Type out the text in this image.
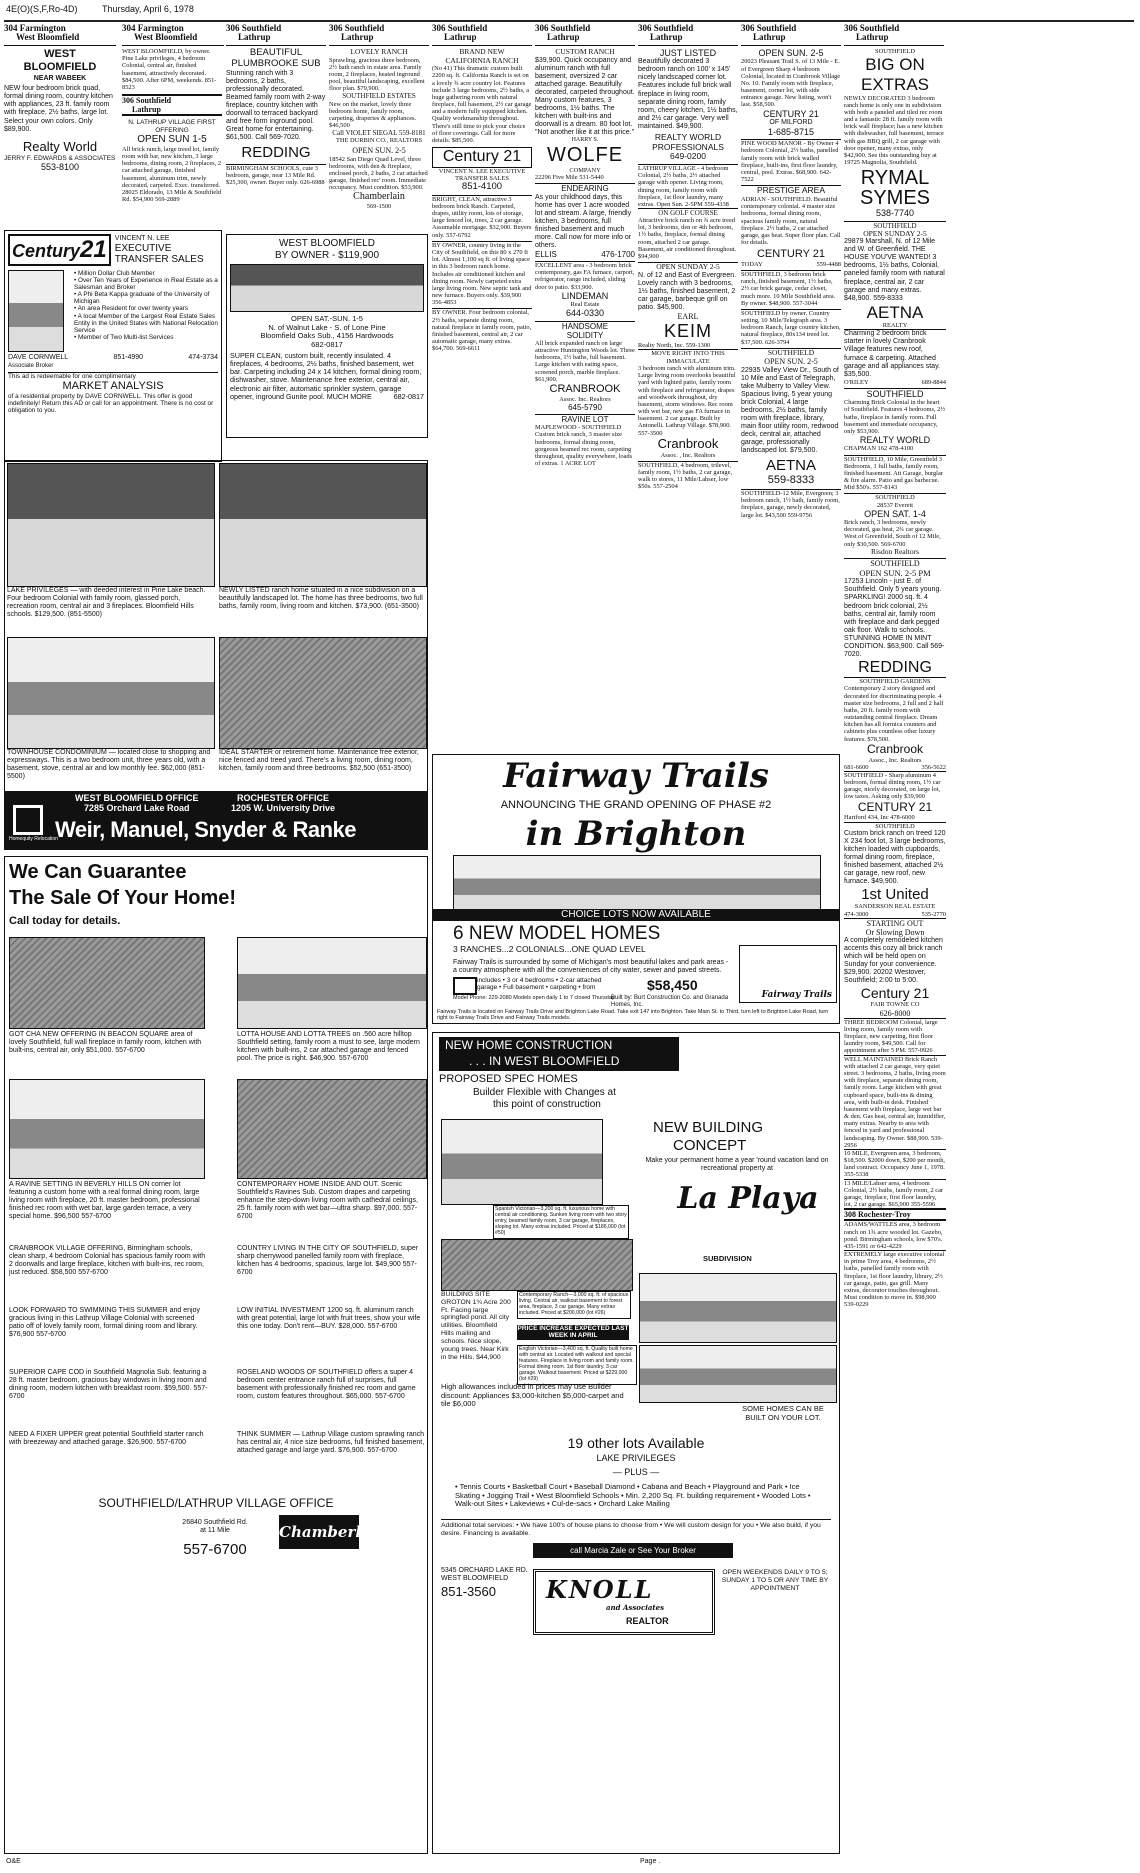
4E(O)(S,F,Ro-4D)	Thursday, April 6, 1978
304 Farmington
West Bloomfield
304 Farmington
West Bloomfield
306 Southfield
Lathrup
306 Southfield
Lathrup
306 Southfield
Lathrup
306 Southfield
Lathrup
306 Southfield
Lathrup
306 Southfield
Lathrup
306 Southfield
Lathrup
WEST
BLOOMFIELD
NEAR WABEEK
NEW four bedroom brick quad, formal dining room, country kitchen with appliances, 23 ft. family room with fireplace, 2½ baths, large lot. Select your own colors. Only $89,900.
Realty World
JERRY F. EDWARDS & ASSOCIATES
553-8100
WEST BLOOMFIELD, by owner. Pine Lake privileges, 4 bedroom Colonial, central air, finished basement, attractively decorated. $84,500. After 6PM, weekends. 851-8523
306 Southfield
Lathrup
N. LATHRUP VILLAGE FIRST OFFERING
OPEN SUN 1-5
All brick ranch, large treed lot, family room with bar, new kitchen, 3 large bedrooms, dining room, 2 fireplaces, 2 car attached garage, finished basement, aluminum trim, newly decorated, carpeted. Exec. transferred. 28025 Eldorado, 13 Mile & Southfield Rd. $54,900 569-2889
BEAUTIFUL
PLUMBROOKE SUB
Stunning ranch with 3 bedrooms, 2 baths, professionally decorated. Beamed family room with 2-way fireplace, country kitchen with doorwall to terraced backyard and free form inground pool. Great home for entertaining. $61,500. Call 569-7020.
REDDING
BIRMINGHAM SCHOOLS, cute 3 bedroom, garage, near 13 Mile Rd. $25,300, owner. Buyer only. 626-6988
LOVELY RANCH
Sprawling, gracious three bedroom, 2½ bath ranch in estate area. Family room, 2 fireplaces, heated inground pool, beautiful landscaping, excellent floor plan. $79,900.
SOUTHFIELD ESTATES
New on the market, lovely three bedroom home, family room, carpeting, draperies & appliances. $46,500
Call VIOLET SIEGAL 559-8181
THE DURBIN CO., REALTORS
OPEN SUN. 2-5
18542 San Diego Quad Level, three bedrooms, with den & fireplace, enclosed porch, 2 baths, 2 car attached garage, finished rec' room. Immediate occupancy. Must condition. $53,900.
Chamberlain
569-1500
BRAND NEW
CALIFORNIA RANCH
(No 41) This dramatic custom built 2200 sq. ft. California Ranch is set on a lovely ¾ acre country lot. Features include 3 large bedrooms, 2½ baths, a huge gathering room with natural fireplace, full basement, 2½ car garage and a modern fully equipped kitchen. Quality workmanship throughout. There's still time to pick your choice of floor coverings. Call for more details. $85,500.
Century 21
VINCENT N. LEE EXECUTIVE TRANSFER SALES
851-4100
BRIGHT, CLEAN, attractive 3 bedroom brick Ranch. Carpeted, drapes, utility room, lots of storage, large fenced lot, trees, 2 car garage. Assumable mortgage. $32,900. Buyers only. 557-6792
BY OWNER, country living in the City of Southfield, on this 80 x 270 ft lot. Almost 1,100 sq ft. of living space in this 3 bedroom ranch home. Includes air conditioned kitchen and dining room. Newly carpeted extra large living room. New septic tank and new furnace. Buyers only. $39,900 356-4853
BY OWNER. Four bedroom colonial, 2½ baths, separate dining room, natural fireplace in family room, patio, finished basement, central air, 2 car automatic garage, many extras. $64,700. 569-6611
CUSTOM RANCH
$39,900. Quick occupancy and aluminum ranch with full basement, oversized 2 car attached garage. Beautifully decorated, carpeted throughout. Many custom features, 3 bedrooms, 1½ baths. The kitchen with built-ins and doorwall is a dream. 80 foot lot. "Not another like it at this price."
HARRY S.
WOLFE
COMPANY
22296 Five Mile 531-5440
ENDEARING
As your childhood days, this home has over 1 acre wooded lot and stream. A large, friendly kitchen, 3 bedrooms, full finished basement and much more. Call now for more info or others.
ELLIS	476-1700
EXCELLENT area - 3 bedroom brick contemporary, gas FA furnace, carport, refrigerator, range included, sliding door to patio. $33,900.
LINDEMAN
Real Estate
644-0330
HANDSOME
SOLIDITY
All brick expanded ranch on large attractive Huntington Woods lot. Three bedrooms, 1½ baths, full basement. Large kitchen with eating space, screened porch, marble fireplace. $61,900.
CRANBROOK
Assoc. Inc. Realtors
645-5790
RAVINE LOT
MAPLEWOOD - SOUTHFIELD Custom brick ranch, 3 master size bedrooms, formal dining room, gorgeous beamed rec room, carpeting throughout, quality everywhere, loads of extras. 1 ACRE LOT
JUST LISTED
Beautifully decorated 3 bedroom ranch on 100' x 145' nicely landscaped corner lot. Features include full brick wall fireplace in living room, separate dining room, family room, cheery kitchen, 1½ baths, and 2½ car garage. Very well maintained. $49,900.
REALTY WORLD
PROFESSIONALS
649-0200
LATHRUP VILLAGE - 4 bedroom Colonial, 2½ baths, 2½ attached garage with opener. Living room, dining room, family room with fireplace, 1st floor laundry, many extras. Open Sun. 2-5PM 559-4338
ON GOLF COURSE
Attractive brick ranch on ¾ acre treed lot, 3 bedrooms, den or 4th bedroom, 1½ baths, fireplace, formal dining room, attached 2 car garage. Basement, air conditioned throughout. $94,900
OPEN SUNDAY 2-5
N. of 12 and East of Evergreen. Lovely ranch with 3 bedrooms, 1½ baths, finished basement, 2 car garage, barbeque grill on patio. $45,900.
EARL
KEIM
Realty North, Inc. 559-1300
MOVE RIGHT INTO THIS IMMACULATE
3 bedroom ranch with aluminum trim. Large living room overlooks beautiful yard with lighted patio, family room with fireplace and refrigerator, drapes and woodwork throughout, dry basement, storm windows. Rec room with wet bar, new gas FA furnace in basement. 2 car garage. Built by Antonelli. Lathrup Village. $78,900. 557-3500
Cranbrook
Assoc. , Inc. Realtors
SOUTHFIELD, 4 bedroom, trilevel, family room, 1½ baths, 2 car garage, walk to stores, 11 Mile/Lahser, low $50s. 557-2504
OPEN SUN. 2-5
20023 Pleasant Trail S. of 13 Mile - E. of Evergreen Sharp 4 bedroom Colonial, located in Cranbrook Village No. 10. Family room with fireplace, basement, corner lot, with side entrance garage. New listing, won't last. $58,500.
CENTURY 21
OF MILFORD
1-685-8715
PINE WOOD MANOR - By Owner 4 bedroom Colonial, 2½ baths, panelled family room with brick walled fireplace, built-ins, first floor laundry, central, pool. Extras. $68,900. 642-7522
PRESTIGE AREA
ADRIAN - SOUTHFIELD. Beautiful contemporary colonial. 4 master size bedrooms, formal dining room, spacious family room, natural fireplace. 2½ baths, 2 car attached garage, gas heat. Super floor plan. Call for details.
CENTURY 21
TODAY	559-4488
SOUTHFIELD, 3 bedroom brick ranch, finished basement, 1½ baths, 2½ car brick garage, cedar closet, much more. 10 Mile Southfield area. By owner. $48,900. 557-3044
SOUTHFIELD by owner. Country setting, 10 Mile/Telegraph area. 3 bedroom Ranch, large country kitchen, natural fireplace, 80x134 treed lot. $37,500. 626-3794
SOUTHFIELD
OPEN SUN. 2-5
22935 Valley View Dr., South of 10 Mile and East of Telegraph, take Mulberry to Valley View. Spacious living, 5 year young brick Colonial, 4 large bedrooms, 2½ baths, family room with fireplace, library, main floor utility room, redwood deck, central air, attached garage, professionally landscaped lot. $79,500.
AETNA
559-8333
SOUTHFIELD-12 Mile, Evergreen; 3 bedroom ranch, 1½ bath, family room, fireplace, garage, newly decorated, large lot. $43,500 559-9756
SOUTHFIELD
BIG ON
EXTRAS
NEWLY DECORATED 3 bedroom ranch home is only one in subdivision with both a paneled and tiled rec room and a fantastic 28 ft. family room with brick wall fireplace; has a new kitchen with dishwasher, full basement, terrace with gas BBQ grill, 2 car garage with door opener, many extras, only $42,900. See this outstanding buy at 19725 Magnolia, Southfield.
RYMAL
SYMES
538-7740
SOUTHFIELD
OPEN SUNDAY 2-5
29879 Marshall, N. of 12 Mile and W. of Greenfield. THE HOUSE YOU'VE WANTED! 3 bedrooms, 1½ baths, Colonial, paneled family room with natural fireplace, central air, 2 car garage and many extras. $48,900. 559-8333
AETNA
REALTY
Charming 2 bedroom brick starter in lovely Cranbrook Village features new roof, furnace & carpeting. Attached garage and all appliances stay. $35,500.
O'RILEY	689-8844
SOUTHFIELD
Charming Brick Colonial in the heart of Southfield. Features 4 bedrooms, 2½ baths, fireplace in family room. Full basement and immediate occupancy, only $53,900.
REALTY WORLD
CHAPMAN 162 478-4100
SOUTHFIELD, 10 Mile, Greenfield 3 Bedrooms, 1 full baths, family room, finished basement. Att Garage, burglar & fire alarm. Patio and gas barbecue. Mid $50's. 557-8143
SOUTHFIELD
28537 Everett
OPEN SAT. 1-4
Brick ranch, 3 bedrooms, newly decorated, gas heat, 2¾ car garage. West of Greenfield, South of 12 Mile, only $30,500. 569-6700
Risdon Realtors
SOUTHFIELD
OPEN SUN. 2-5 PM
17253 Lincoln - just E. of Southfield. Only 5 years young. SPARKLING! 2000 sq. ft. 4 bedroom brick colonial, 2½ baths, central air, family room with fireplace and dark pegged oak floor. Walk to schools. STUNNING HOME IN MINT CONDITION. $63,900. Call 569-7020.
REDDING
SOUTHFIELD GARDENS
Contemporary 2 story designed and decorated for discriminating people. 4 master size bedrooms, 2 full and 2 half baths, 20 ft. family room with outstanding central fireplace. Dream kitchen has all formica counters and cabinets plus countless other luxury features. $78,500.
Cranbrook
Assoc., Inc. Realtors
681-6600	356-5622
SOUTHFIELD - Sharp aluminum 4 bedroom, formal dining room, 1½ car garage, nicely decorated, on large lot, low taxes. Asking only $39,900
CENTURY 21
Hartford 434, Inc 478-6000
SOUTHFIELD
Custom brick ranch on treed 120 X 234 foot lot, 3 large bedrooms, kitchen loaded with cupboards, formal dining room, fireplace, finished basement, attached 2½ car garage, new roof, new furnace. $49,900.
1st United
SANDERSON REAL ESTATE
474-3000	535-2770
STARTING OUT
Or Slowing Down
A completely remodeled kitchen accents this cozy all brick ranch which will be held open on Sunday for your convenience. $29,900. 20202 Westover, Southfield; 2:00 to 5:00.
Century 21
FAIR TOWNE CO
626-8000
THREE BEDROOM Colonial, large living room, family room with fireplace, new carpeting, first floor laundry room, $49,500. Call for appointment after 5 PM. 557-0926
WELL MAINTAINED Brick Ranch with attached 2 car garage, very quiet street. 3 bedrooms, 2 baths, living room with fireplace, separate dining room, family room. Large kitchen with great cupboard space, built-ins & dining area, with built-in desk. Finished basement with fireplace, large wet bar & den. Gas heat, central air, humidifier, many extras. Nearby to area with fenced in yard and professional landscaping. By Owner. $88,900. 539-2956
10 MILE, Evergreen area, 3 bedroom, $18,500. $2000 down, $200 per month, land contract. Occupancy June 1, 1978. 355-5338
13 MILE/Lahser area, 4 bedroom Colonial, 2½ baths, family room, 2 car garage, fireplace, first floor laundry, lot, 2 car garage. $65,900 355-5596
308 Rochester-Troy
ADAMS/WATTLES area, 3 bedroom ranch on 1¾ acre wooded lot. Gazebo, pond. Birmingham schools, low $70's. 435-1591 or 642-4229
EXTREMELY large executive colonial in prime Troy area, 4 bedrooms, 2½ baths, panelled family room with fireplace, 1st floor laundry, library, 2½ car garage, patio, gas grill. Many extras, decorator touches throughout. Must condition to move in. $98,900 539-0229
Century21	VINCENT N. LEE
EXECUTIVE
TRANSFER SALES
• Million Dollar Club Member
• Over Ten Years of Experience in Real Estate as a Salesman and Broker
• A Phi Beta Kappa graduate of the University of Michigan
• An area Resident for over twenty years
• A local Member of the Largest Real Estate Sales Entity in the United States with National Relocation Service
• Member of Two Multi-list Services
DAVE CORNWELL
Associate Broker
851-4990	474-3734
This ad is redeemable for one complimentary
MARKET ANALYSIS
of a residential property by DAVE CORNWELL. This offer is good indefinitely! Return this AD or call for an appointment. There is no cost or obligation to you.
WEST BLOOMFIELD
BY OWNER - $119,900
OPEN SAT.-SUN. 1-5
N. of Walnut Lake - S. of Lone Pine
Bloomfield Oaks Sub., 4156 Hardwoods
682-0817
SUPER CLEAN, custom built, recently insulated. 4 fireplaces, 4 bedrooms, 2½ baths, finished basement, wet bar. Carpeting including 24 x 14 kitchen, formal dining room, dishwasher, stove. Maintenance free exterior, central air, electronic air filter, automatic sprinkler system, garage opener, inground Gunite pool. MUCH MORE	682-0817
LAKE PRIVILEGES — with deeded interest in Pine Lake beach. Four bedroom Colonial with family room, glassed porch, recreation room, central air and 3 fireplaces. Bloomfield Hills schools. $129,500. (851-5500)
NEWLY LISTED ranch home situated in a nice subdivision on a beautifully landscaped lot. The home has three bedrooms, two full baths, family room, living room and kitchen. $73,900. (651-3500)
TOWNHOUSE CONDOMINIUM — located close to shopping and expressways. This is a two bedroom unit, three years old, with a basement, stove, central air and low monthly fee. $62,000 (851-5500)
IDEAL STARTER or retirement home. Maintenance free exterior, nice fenced and treed yard. There's a living room, dining room, kitchen, family room and three bedrooms. $52,500 (651-3500)
WEST BLOOMFIELD OFFICE
7285 Orchard Lake Road
ROCHESTER OFFICE
1205 W. University Drive
Homequity Relocation
Weir, Manuel, Snyder & Ranke
We Can Guarantee
The Sale Of Your Home!
Call today for details.
GOT CHA NEW OFFERING IN BEACON SQUARE area of lovely Southfield, full wall fireplace in family room, kitchen with built-ins, central air, only $51,000. 557-6700
LOTTA HOUSE AND LOTTA TREES on .560 acre hilltop Southfield setting, family room a must to see, large modern kitchen with built-ins, 2 car attached garage and fenced pool. The price is right. $46,900. 557-6700
A RAVINE SETTING IN BEVERLY HILLS ON corner lot featuring a custom home with a real formal dining room, large living room with fireplace, 20 ft. master bedroom, professional finished rec room with wet bar, large garden terrace, a very special home. $96,500 557-6700
CONTEMPORARY HOME INSIDE AND OUT. Scenic Southfield's Ravines Sub. Custom drapes and carpeting enhance the step-down living room with cathedral ceilings, 25 ft. family room with wet bar—ultra sharp. $97,000. 557-6700
CRANBROOK VILLAGE OFFERING, Birmingham schools, clean sharp, 4 bedroom Colonial has spacious family room with 2 doorwalls and large fireplace, kitchen with built-ins, rec room, just reduced. $58,500 557-6700
COUNTRY LIVING IN THE CITY OF SOUTHFIELD, super sharp cherrywood panelled family room with fireplace, kitchen has 4 bedrooms, spacious, large lot. $49,900 557-6700
LOOK FORWARD TO SWIMMING THIS SUMMER and enjoy gracious living in this Lathrup Village Colonial with screened patio off of lovely family room, formal dining room and library. $76,900 557-6700
LOW INITIAL INVESTMENT 1200 sq. ft. aluminum ranch with great potential, large lot with fruit trees, show your wife this one today. Don't rent—BUY. $28,000. 557-6700
SUPERIOR CAPE COD in Southfield Magnolia Sub. featuring a 28 ft. master bedroom, gracious bay windows in living room and dining room, modern kitchen with breakfast room. $59,500. 557-6700
ROSELAND WOODS OF SOUTHFIELD offers a super 4 bedroom center entrance ranch full of surprises, full basement with professionally finished rec room and game room, custom features throughout. $65,000. 557-6700
NEED A FIXER UPPER great potential Southfield starter ranch with breezeway and attached garage. $26,900. 557-6700
THINK SUMMER — Lathrup Village custom sprawling ranch has central air, 4 nice size bedrooms, full finished basement, attached garage and large yard. $76,900. 557-6700
SOUTHFIELD/LATHRUP VILLAGE OFFICE
26840 Southfield Rd.
at 11 Mile
557-6700
Chamberlain
Fairway Trails
ANNOUNCING THE GRAND OPENING OF PHASE #2
in Brighton
CHOICE LOTS NOW AVAILABLE
6 NEW MODEL HOMES
3 RANCHES...2 COLONIALS...ONE QUAD LEVEL
Fairway Trails is surrounded by some of Michigan's most beautiful lakes and park areas - a country atmosphere with all the conveniences of city water, sewer and paved streets.
includes • 3 or 4 bedrooms • 2-car attached
garage • Full basement • carpeting • from	$58,450
Model Phone: 229-2080 Models open daily 1 to 7 closed Thursday
Built by: Burt Construction Co. and Granada Homes, Inc.
Fairway Trails
Fairway Trails is located on Fairway Trails Drive and Brighton Lake Road. Take exit 147 into Brighton. Take Main St. to Third, turn left to Brighton Lake Road, turn right to Fairway Trails Drive and Fairway Trails models.
NEW HOME CONSTRUCTION
. . . IN WEST BLOOMFIELD
PROPOSED SPEC HOMES
Builder Flexible with Changes at
this point of construction
NEW BUILDING
CONCEPT
Make your permanent home a year 'round vacation land on recreational property at
La Playa
SUBDIVISION
Spanish Victorian—3,200 sq. ft. luxurious home with central air conditioning. Sunken living room with two story entry, beamed family room, 3 car garage, fireplaces, sloping lot. Many extras included. Priced at $186,000 (lot #50)
BUILDING SITE GROTON 1¾ Acre 200 Ft. Facing large springfed pond. All city utilities. Bloomfield Hills mailing and schools. Nice slope, young trees. Near Kirk in the Hills. $44,900
Contemporary Ranch—3,000 sq. ft. of spacious living. Central air, walkout basement to forest area, fireplace, 3 car garage. Many extras included. Priced at $200,000 (lot #26)
PRICE INCREASE EXPECTED LAST WEEK IN APRIL
English Victorian—3,400 sq. ft. Quality built home with central air. Located with walkout and special features. Fireplace in living room and family room. Formal dining room. 1st floor laundry. 3 car garage. Walkout basement. Priced at $229,000 (lot #29)
High allowances included in prices may use Builder discount: Appliances $3,000-kitchen $5,000-carpet and tile $6,000
SOME HOMES CAN BE BUILT ON YOUR LOT.
19 other lots Available
LAKE PRIVILEGES
— PLUS —
• Tennis Courts • Basketball Court • Baseball Diamond • Cabana and Beach • Playground and Park • Ice Skating • Jogging Trail • West Bloomfield Schools • Min. 2,200 Sq. Ft. building requirement • Wooded Lots • Walk-out Sites • Lakeviews • Cul-de-sacs • Orchard Lake Mailing
Additional total services: • We have 100's of house plans to choose from • We will custom design for you • We also build, if you desire. Financing is available.
call Marcia Zale or See Your Broker
5345 ORCHARD LAKE RD.
WEST BLOOMFIELD
851-3560 KNOLL
and Associates
REALTOR
OPEN WEEKENDS DAILY 9 TO 5; SUNDAY 1 TO 5 OR ANY TIME BY APPOINTMENT
O&E	Page .
